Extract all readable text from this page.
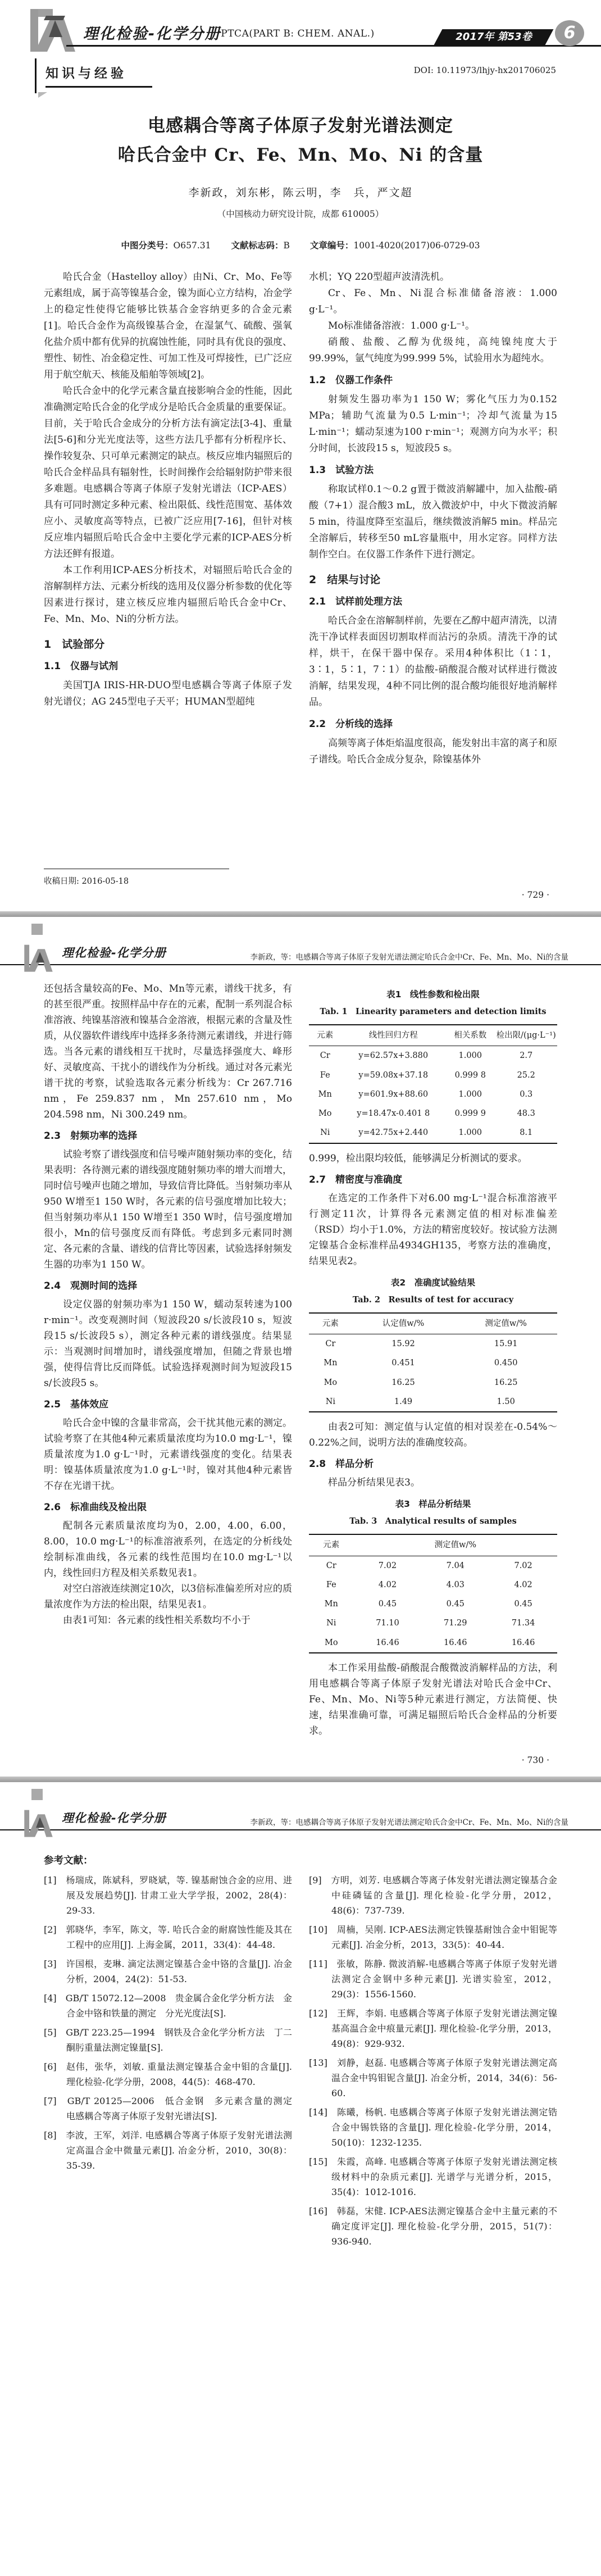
理化检验-化学分册 PTCA(PART B: CHEM. ANAL.)	2017年 第53卷	6
DOI: 10.11973/lhjy-hx201706025
知识与经验
电感耦合等离子体原子发射光谱法测定
哈氏合金中 Cr、Fe、Mn、Mo、Ni 的含量
李新政，刘东彬，陈云明，李　兵，严文超
（中国核动力研究设计院，成都 610005）
中图分类号：O657.31 文献标志码：B 文章编号：1001-4020(2017)06-0729-03

哈氏合金（Hastelloy alloy）由Ni、Cr、Mo、Fe等元素组成，属于高等镍基合金，镍为面心立方结构，冶金学上的稳定性使得它能够比铁基合金容纳更多的合金元素[1]。哈氏合金作为高级镍基合金，在湿氯气、硫酸、强氧化盐介质中都有优异的抗腐蚀性能，同时具有优良的强度、塑性、韧性、冶金稳定性、可加工性及可焊接性，已广泛应用于航空航天、核能及船舶等领域[2]。

哈氏合金中的化学元素含量直接影响合金的性能，因此准确测定哈氏合金的化学成分是哈氏合金质量的重要保证。目前，关于哈氏合金成分的分析方法有滴定法[3-4]、重量法[5-6]和分光光度法等，这些方法几乎都有分析程序长、操作较复杂、只可单元素测定的缺点。核反应堆内辐照后的哈氏合金样品具有辐射性，长时间操作会给辐射防护带来很多难题。电感耦合等离子体原子发射光谱法（ICP-AES）具有可同时测定多种元素、检出限低、线性范围宽、基体效应小、灵敏度高等特点，已被广泛应用[7-16]，但针对核反应堆内辐照后哈氏合金中主要化学元素的ICP-AES分析方法还鲜有报道。

本工作利用ICP-AES分析技术，对辐照后哈氏合金的溶解制样方法、元素分析线的选用及仪器分析参数的优化等因素进行探讨，建立核反应堆内辐照后哈氏合金中Cr、Fe、Mn、Mo、Ni的分析方法。

1　试验部分
1.1　仪器与试剂

美国TJA IRIS-HR-DUO型电感耦合等离子体原子发射光谱仪；AG 245型电子天平；HUMAN型超纯

水机；YQ 220型超声波清洗机。

Cr、Fe、Mn、Ni混合标准储备溶液：1.000 g·L⁻¹。

Mo标准储备溶液：1.000 g·L⁻¹。

硝酸、盐酸、乙醇为优级纯，高纯镍纯度大于99.99%，氩气纯度为99.999 5%，试验用水为超纯水。

1.2　仪器工作条件

射频发生器功率为1 150 W；雾化气压力为0.152 MPa；辅助气流量为0.5 L·min⁻¹；冷却气流量为15 L·min⁻¹；蠕动泵速为100 r·min⁻¹；观测方向为水平；积分时间，长波段15 s，短波段5 s。

1.3　试验方法

称取试样0.1～0.2 g置于微波消解罐中，加入盐酸-硝酸（7+1）混合酸3 mL，放入微波炉中，中火下微波消解5 min，待温度降至室温后，继续微波消解5 min。样品完全溶解后，转移至50 mL容量瓶中，用水定容。同样方法制作空白。在仪器工作条件下进行测定。

2　结果与讨论
2.1　试样前处理方法

哈氏合金在溶解制样前，先要在乙醇中超声清洗，以清洗干净试样表面因切割取样而沾污的杂质。清洗干净的试样，烘干，在保干器中保存。采用4种体积比（1∶1，3∶1，5∶1，7∶1）的盐酸-硝酸混合酸对试样进行微波消解，结果发现，4种不同比例的混合酸均能很好地消解样品。

2.2　分析线的选择

高频等离子体炬焰温度很高，能发射出丰富的离子和原子谱线。哈氏合金成分复杂，除镍基体外

收稿日期: 2016-05-18
· 729 ·
理化检验-化学分册	李新政，等：电感耦合等离子体原子发射光谱法测定哈氏合金中Cr、Fe、Mn、Mo、Ni的含量

还包括含量较高的Fe、Mo、Mn等元素，谱线干扰多，有的甚至很严重。按照样品中存在的元素，配制一系列混合标准溶液、纯镍基溶液和镍基合金溶液，根据元素的含量及性质，从仪器软件谱线库中选择多条待测元素谱线，并进行筛选。当各元素的谱线相互干扰时，尽量选择强度大、峰形好、灵敏度高、干扰小的谱线作为分析线。通过对各元素光谱干扰的考察，试验选取各元素分析线为：Cr 267.716 nm，Fe 259.837 nm，Mn 257.610 nm，Mo 204.598 nm，Ni 300.249 nm。

2.3　射频功率的选择

试验考察了谱线强度和信号噪声随射频功率的变化，结果表明：各待测元素的谱线强度随射频功率的增大而增大，同时信号噪声也随之增加，导致信背比降低。当射频功率从950 W增至1 150 W时，各元素的信号强度增加比较大；但当射频功率从1 150 W增至1 350 W时，信号强度增加很小，Mn的信号强度反而有降低。考虑到多元素同时测定、各元素的含量、谱线的信背比等因素，试验选择射频发生器的功率为1 150 W。

2.4　观测时间的选择

设定仪器的射频功率为1 150 W，蠕动泵转速为100 r·min⁻¹。改变观测时间（短波段20 s/长波段10 s，短波段15 s/长波段5 s），测定各种元素的谱线强度。结果显示：当观测时间增加时，谱线强度增加，但随之背景也增强，使得信背比反而降低。试验选择观测时间为短波段15 s/长波段5 s。

2.5　基体效应

哈氏合金中镍的含量非常高，会干扰其他元素的测定。试验考察了在其他4种元素质量浓度均为10.0 mg·L⁻¹，镍质量浓度为1.0 g·L⁻¹时，元素谱线强度的变化。结果表明：镍基体质量浓度为1.0 g·L⁻¹时，镍对其他4种元素皆不存在光谱干扰。

2.6　标准曲线及检出限

配制各元素质量浓度均为0，2.00，4.00，6.00，8.00，10.0 mg·L⁻¹的标准溶液系列，在选定的分析线处绘制标准曲线，各元素的线性范围均在10.0 mg·L⁻¹以内，线性回归方程及相关系数见表1。

对空白溶液连续测定10次，以3倍标准偏差所对应的质量浓度作为方法的检出限，结果见表1。

由表1可知：各元素的线性相关系数均不小于

表1　线性参数和检出限
Tab. 1　Linearity parameters and detection limits
元素	线性回归方程	相关系数	检出限/(μg·L⁻¹)
Cr	y=62.57x+3.880	1.000	2.7
Fe	y=59.08x+37.18	0.999 8	25.2
Mn	y=601.9x+88.60	1.000	0.3
Mo	y=18.47x-0.401 8	0.999 9	48.3
Ni	y=42.75x+2.440	1.000	8.1

0.999，检出限均较低，能够满足分析测试的要求。

2.7　精密度与准确度

在选定的工作条件下对6.00 mg·L⁻¹混合标准溶液平行测定11次，计算得各元素测定值的相对标准偏差（RSD）均小于1.0%，方法的精密度较好。按试验方法测定镍基合金标准样品4934GH135，考察方法的准确度，结果见表2。

表2　准确度试验结果
Tab. 2　Results of test for accuracy
元素	认定值w/%	测定值w/%
Cr	15.92	15.91
Mn	0.451	0.450
Mo	16.25	16.25
Ni	1.49	1.50

由表2可知：测定值与认定值的相对误差在-0.54%～0.22%之间，说明方法的准确度较高。

2.8　样品分析

样品分析结果见表3。

表3　样品分析结果
Tab. 3　Analytical results of samples
元素	测定值w/%		
Cr	7.02	7.04	7.02
Fe	4.02	4.03	4.02
Mn	0.45	0.45	0.45
Ni	71.10	71.29	71.34
Mo	16.46	16.46	16.46

本工作采用盐酸-硝酸混合酸微波消解样品的方法，利用电感耦合等离子体原子发射光谱法对哈氏合金中Cr、Fe、Mn、Mo、Ni等5种元素进行测定，方法简便、快速，结果准确可靠，可满足辐照后哈氏合金样品的分析要求。

· 730 ·
理化检验-化学分册	李新政，等：电感耦合等离子体原子发射光谱法测定哈氏合金中Cr、Fe、Mn、Mo、Ni的含量
参考文献：

[1]　杨瑞成，陈斌科，罗晓斌，等. 镍基耐蚀合金的应用、进展及发展趋势[J]. 甘肃工业大学学报，2002，28(4)：29-33.

[2]　郭晓华，李军，陈文，等. 哈氏合金的耐腐蚀性能及其在工程中的应用[J]. 上海金属，2011，33(4)：44-48.

[3]　许国根，麦琳. 滴定法测定镍基合金中铬的含量[J]. 冶金分析，2004，24(2)：51-53.

[4]　GB/T 15072.12—2008　贵金属合金化学分析方法　金合金中铬和铁量的测定　分光光度法[S].

[5]　GB/T 223.25—1994　钢铁及合金化学分析方法　丁二酮肟重量法测定镍量[S].

[6]　赵伟，张华，刘敏. 重量法测定镍基合金中钼的含量[J]. 理化检验-化学分册，2008，44(5)：468-470.

[7]　GB/T 20125—2006　低合金钢　多元素含量的测定　电感耦合等离子体原子发射光谱法[S].

[8]　李波，王军，刘洋. 电感耦合等离子体原子发射光谱法测定高温合金中微量元素[J]. 冶金分析，2010，30(8)：35-39.

[9]　方明，刘芳. 电感耦合等离子体发射光谱法测定镍基合金中硅磷锰的含量[J]. 理化检验-化学分册，2012，48(6)：737-739.

[10]　周楠，吴刚. ICP-AES法测定铁镍基耐蚀合金中钼铌等元素[J]. 冶金分析，2013，33(5)：40-44.

[11]　张敏，陈静. 微波消解-电感耦合等离子体原子发射光谱法测定合金钢中多种元素[J]. 光谱实验室，2012，29(3)：1556-1560.

[12]　王辉，李娟. 电感耦合等离子体原子发射光谱法测定镍基高温合金中痕量元素[J]. 理化检验-化学分册，2013，49(8)：929-932.

[13]　刘静，赵磊. 电感耦合等离子体原子发射光谱法测定高温合金中钨钼铌含量[J]. 冶金分析，2014，34(6)：56-60.

[14]　陈曦，杨帆. 电感耦合等离子体原子发射光谱法测定锆合金中锡铁铬的含量[J]. 理化检验-化学分册，2014，50(10)：1232-1235.

[15]　朱霞，高峰. 电感耦合等离子体原子发射光谱法测定核级材料中的杂质元素[J]. 光谱学与光谱分析，2015，35(4)：1012-1016.

[16]　韩磊，宋健. ICP-AES法测定镍基合金中主量元素的不确定度评定[J]. 理化检验-化学分册，2015，51(7)：936-940.
